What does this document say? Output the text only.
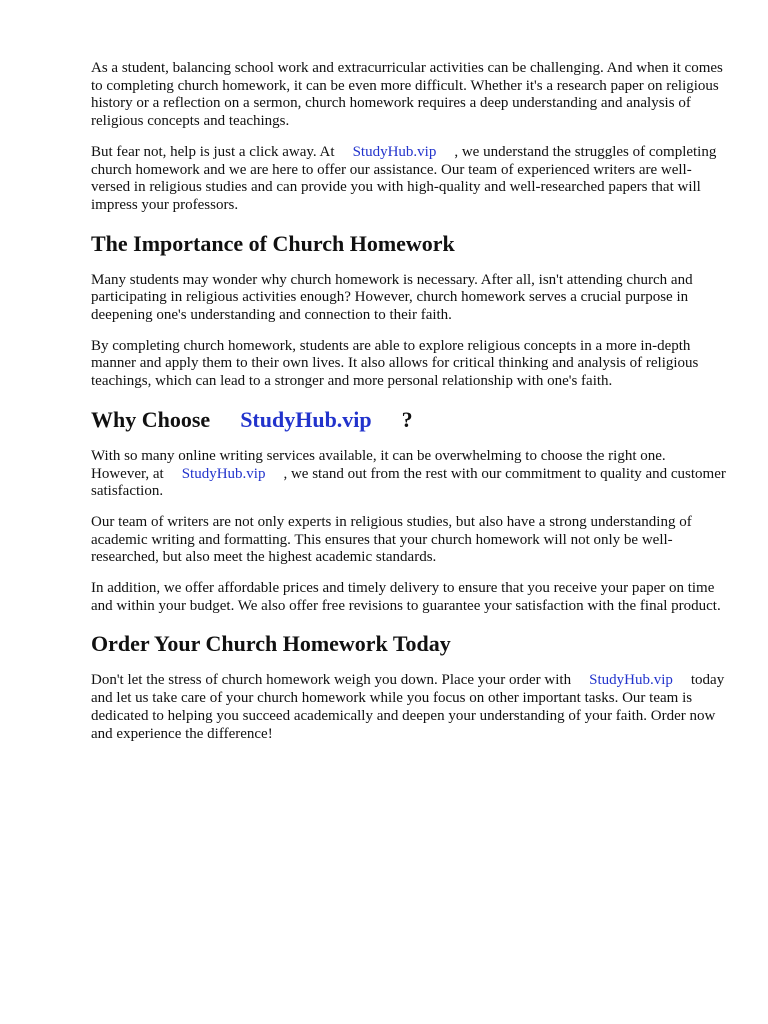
As a student, balancing school work and extracurricular activities can be challenging. And when it comes to completing church homework, it can be even more difficult. Whether it's a research paper on religious history or a reflection on a sermon, church homework requires a deep understanding and analysis of religious concepts and teachings.

But fear not, help is just a click away. At StudyHub.vip , we understand the struggles of completing church homework and we are here to offer our assistance. Our team of experienced writers are well-versed in religious studies and can provide you with high-quality and well-researched papers that will impress your professors.

The Importance of Church Homework

Many students may wonder why church homework is necessary. After all, isn't attending church and participating in religious activities enough? However, church homework serves a crucial purpose in deepening one's understanding and connection to their faith.

By completing church homework, students are able to explore religious concepts in a more in-depth manner and apply them to their own lives. It also allows for critical thinking and analysis of religious teachings, which can lead to a stronger and more personal relationship with one's faith.

Why Choose StudyHub.vip ?

With so many online writing services available, it can be overwhelming to choose the right one. However, at StudyHub.vip , we stand out from the rest with our commitment to quality and customer satisfaction.

Our team of writers are not only experts in religious studies, but also have a strong understanding of academic writing and formatting. This ensures that your church homework will not only be well-researched, but also meet the highest academic standards.

In addition, we offer affordable prices and timely delivery to ensure that you receive your paper on time and within your budget. We also offer free revisions to guarantee your satisfaction with the final product.

Order Your Church Homework Today

Don't let the stress of church homework weigh you down. Place your order with StudyHub.vip today and let us take care of your church homework while you focus on other important tasks. Our team is dedicated to helping you succeed academically and deepen your understanding of your faith. Order now and experience the difference!
